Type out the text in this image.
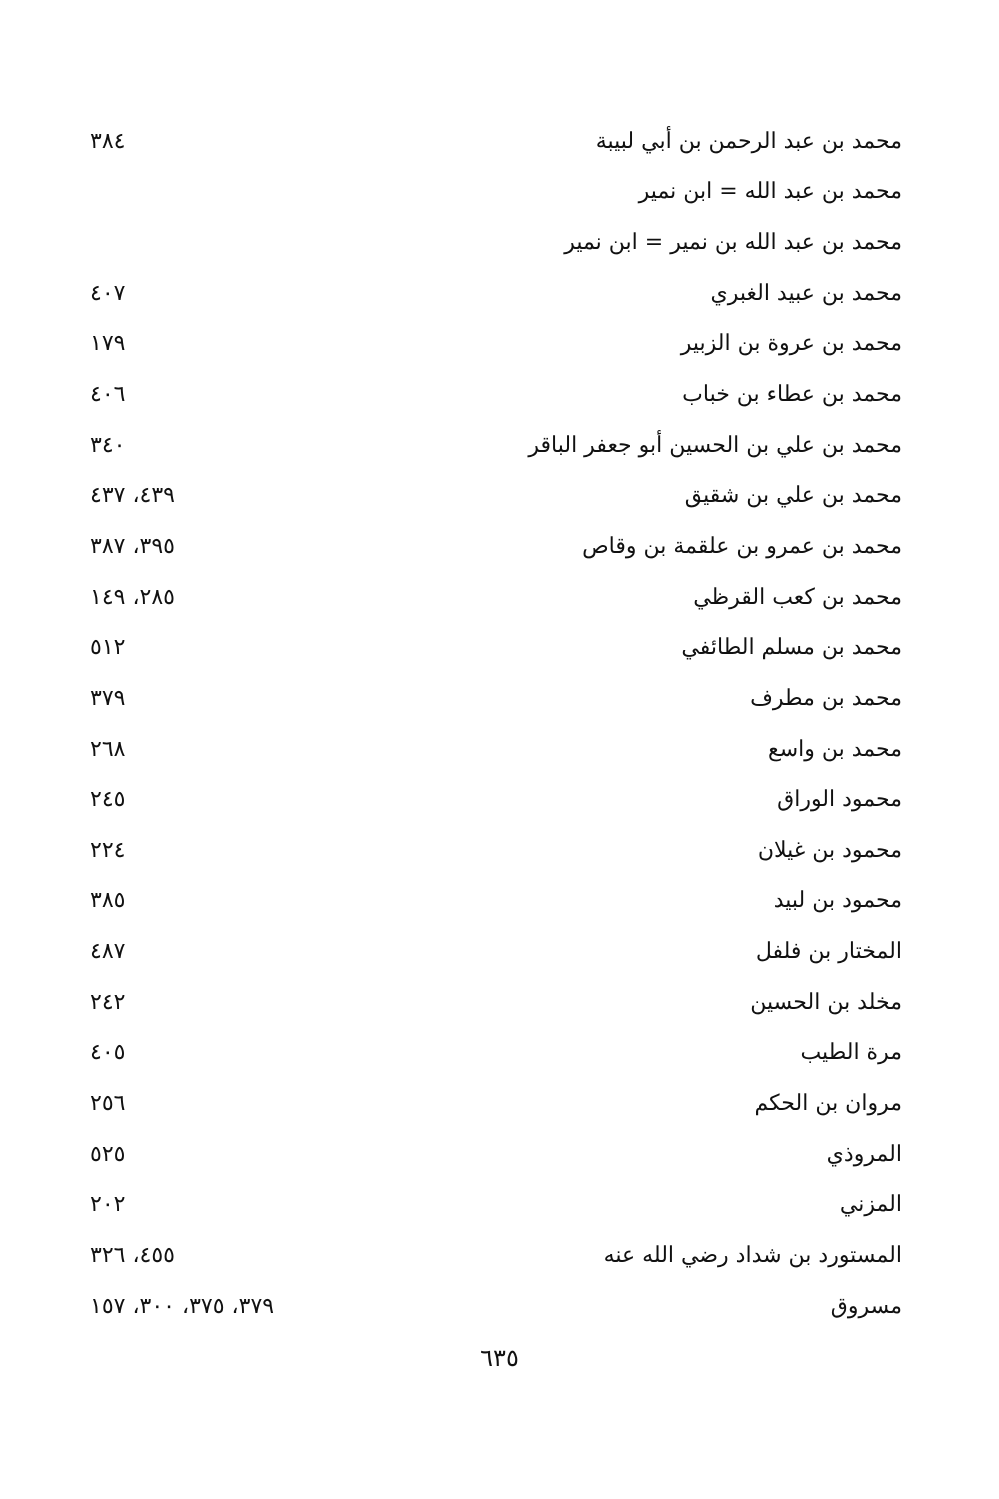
محمد بن عبد الرحمن بن أبي لبيبة
٣٨٤
محمد بن عبد الله = ابن نمير
محمد بن عبد الله بن نمير = ابن نمير
محمد بن عبيد الغبري
٤٠٧
محمد بن عروة بن الزبير
١٧٩
محمد بن عطاء بن خباب
٤٠٦
محمد بن علي بن الحسين أبو جعفر الباقر
٣٤٠
محمد بن علي بن شقيق
٤٣٩، ٤٣٧
محمد بن عمرو بن علقمة بن وقاص
٣٩٥، ٣٨٧
محمد بن كعب القرظي
٢٨٥، ١٤٩
محمد بن مسلم الطائفي
٥١٢
محمد بن مطرف
٣٧٩
محمد بن واسع
٢٦٨
محمود الوراق
٢٤٥
محمود بن غيلان
٢٢٤
محمود بن لبيد
٣٨٥
المختار بن فلفل
٤٨٧
مخلد بن الحسين
٢٤٢
مرة الطيب
٤٠٥
مروان بن الحكم
٢٥٦
المروذي
٥٢٥
المزني
٢٠٢
المستورد بن شداد رضي الله عنه
٤٥٥، ٣٢٦
مسروق
٣٧٩، ٣٧٥، ٣٠٠، ١٥٧
٦٣٥
